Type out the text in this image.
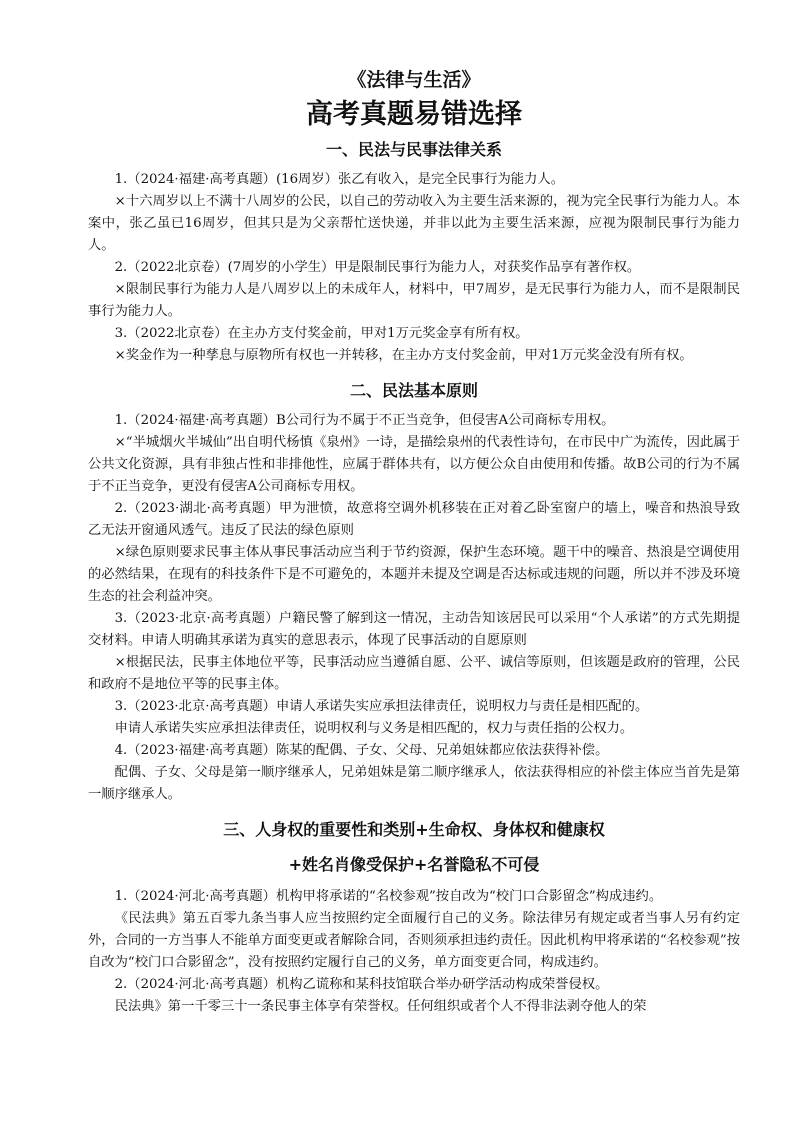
《法律与生活》
高考真题易错选择
一、民法与民事法律关系

1.（2024·福建·高考真题）(16周岁）张乙有收入，是完全民事行为能力人。

×十六周岁以上不满十八周岁的公民，以自己的劳动收入为主要生活来源的，视为完全民事行为能力人。本案中，张乙虽已16周岁，但其只是为父亲帮忙送快递，并非以此为主要生活来源，应视为限制民事行为能力人。

2.（2022北京卷）(7周岁的小学生）甲是限制民事行为能力人，对获奖作品享有著作权。

×限制民事行为能力人是八周岁以上的未成年人，材料中，甲7周岁，是无民事行为能力人，而不是限制民事行为能力人。

3.（2022北京卷）在主办方支付奖金前，甲对1万元奖金享有所有权。

×奖金作为一种孳息与原物所有权也一并转移，在主办方支付奖金前，甲对1万元奖金没有所有权。

二、民法基本原则

1.（2024·福建·高考真题）B公司行为不属于不正当竞争，但侵害A公司商标专用权。

×“半城烟火半城仙”出自明代杨慎《泉州》一诗，是描绘泉州的代表性诗句，在市民中广为流传，因此属于公共文化资源，具有非独占性和非排他性，应属于群体共有，以方便公众自由使用和传播。故B公司的行为不属于不正当竞争，更没有侵害A公司商标专用权。

2.（2023·湖北·高考真题）甲为泄愤，故意将空调外机移装在正对着乙卧室窗户的墙上，噪音和热浪导致乙无法开窗通风透气。违反了民法的绿色原则

×绿色原则要求民事主体从事民事活动应当利于节约资源，保护生态环境。题干中的噪音、热浪是空调使用的必然结果，在现有的科技条件下是不可避免的，本题并未提及空调是否达标或违规的问题，所以并不涉及环境生态的社会利益冲突。

3.（2023·北京·高考真题）户籍民警了解到这一情况，主动告知该居民可以采用“个人承诺”的方式先期提交材料。申请人明确其承诺为真实的意思表示，体现了民事活动的自愿原则

×根据民法，民事主体地位平等，民事活动应当遵循自愿、公平、诚信等原则，但该题是政府的管理，公民和政府不是地位平等的民事主体。

3.（2023·北京·高考真题）申请人承诺失实应承担法律责任，说明权力与责任是相匹配的。

申请人承诺失实应承担法律责任，说明权利与义务是相匹配的，权力与责任指的公权力。

4.（2023·福建·高考真题）陈某的配偶、子女、父母、兄弟姐妹都应依法获得补偿。

配偶、子女、父母是第一顺序继承人，兄弟姐妹是第二顺序继承人，依法获得相应的补偿主体应当首先是第一顺序继承人。

三、人身权的重要性和类别+生命权、身体权和健康权
+姓名肖像受保护+名誉隐私不可侵

1.（2024·河北·高考真题）机构甲将承诺的“名校参观”按自改为“校门口合影留念”构成违约。

《民法典》第五百零九条当事人应当按照约定全面履行自己的义务。除法律另有规定或者当事人另有约定外，合同的一方当事人不能单方面变更或者解除合同，否则须承担违约责任。因此机构甲将承诺的“名校参观”按自改为“校门口合影留念”，没有按照约定履行自己的义务，单方面变更合同，构成违约。

2.（2024·河北·高考真题）机构乙谎称和某科技馆联合举办研学活动构成荣誉侵权。

民法典》第一千零三十一条民事主体享有荣誉权。任何组织或者个人不得非法剥夺他人的荣
